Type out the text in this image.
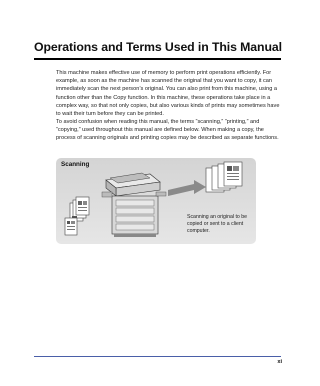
Operations and Terms Used in This Manual

This machine makes effective use of memory to perform print operations efficiently. For example, as soon as the machine has scanned the original that you want to copy, it can immediately scan the next person’s original. You can also print from this machine, using a function other than the Copy function. In this machine, these operations take place in a complex way, so that not only copies, but also various kinds of prints may sometimes have to wait their turn before they can be printed.

To avoid confusion when reading this manual, the terms “scanning,” “printing,” and “copying,” used throughout this manual are defined below. When making a copy, the process of scanning originals and printing copies may be described as separate functions.

Scanning

Scanning an original to be copied or sent to a client computer.

xi
